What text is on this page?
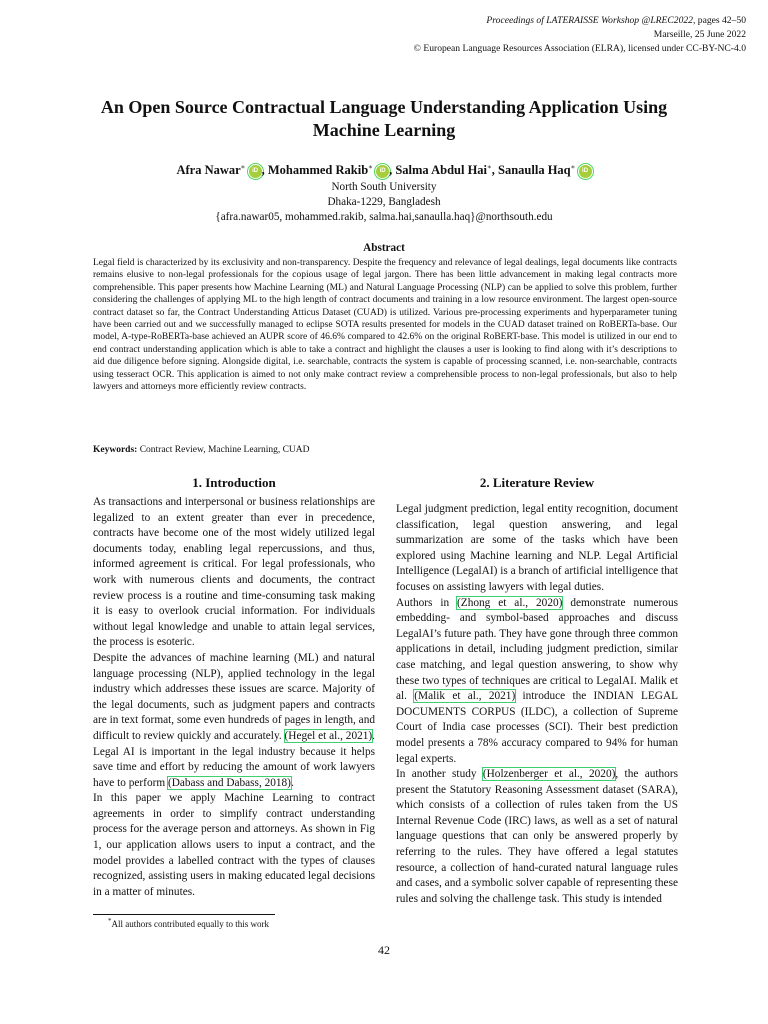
Proceedings of LATERAISSE Workshop @LREC2022, pages 42–50
Marseille, 25 June 2022
© European Language Resources Association (ELRA), licensed under CC-BY-NC-4.0
An Open Source Contractual Language Understanding Application Using
Machine Learning
Afra Nawar∗ iD , Mohammed Rakib∗ iD , Salma Abdul Hai∗, Sanaulla Haq∗ iD
North South University
Dhaka-1229, Bangladesh
{afra.nawar05, mohammed.rakib, salma.hai,sanaulla.haq}@northsouth.edu
Abstract
Legal field is characterized by its exclusivity and non-transparency. Despite the frequency and relevance of legal dealings, legal documents like contracts remains elusive to non-legal professionals for the copious usage of legal jargon. There has been little advancement in making legal contracts more comprehensible. This paper presents how Machine Learning (ML) and Natural Language Processing (NLP) can be applied to solve this problem, further considering the challenges of applying ML to the high length of contract documents and training in a low resource environment. The largest open-source contract dataset so far, the Contract Understanding Atticus Dataset (CUAD) is utilized. Various pre-processing experiments and hyperparameter tuning have been carried out and we successfully managed to eclipse SOTA results presented for models in the CUAD dataset trained on RoBERTa-base. Our model, A-type-RoBERTa-base achieved an AUPR score of 46.6% compared to 42.6% on the original RoBERT-base. This model is utilized in our end to end contract understanding application which is able to take a contract and highlight the clauses a user is looking to find along with it’s descriptions to aid due diligence before signing. Alongside digital, i.e. searchable, contracts the system is capable of processing scanned, i.e. non-searchable, contracts using tesseract OCR. This application is aimed to not only make contract review a comprehensible process to non-legal professionals, but also to help lawyers and attorneys more efficiently review contracts.
Keywords: Contract Review, Machine Learning, CUAD
1. Introduction

As transactions and interpersonal or business relationships are legalized to an extent greater than ever in precedence, contracts have become one of the most widely utilized legal documents today, enabling legal repercussions, and thus, informed agreement is critical. For legal professionals, who work with numerous clients and documents, the contract review process is a routine and time-consuming task making it is easy to overlook crucial information. For individuals without legal knowledge and unable to attain legal services, the process is esoteric.

Despite the advances of machine learning (ML) and natural language processing (NLP), applied technology in the legal industry which addresses these issues are scarce. Majority of the legal documents, such as judgment papers and contracts are in text format, some even hundreds of pages in length, and difficult to review quickly and accurately. (Hegel et al., 2021). Legal AI is important in the legal industry because it helps save time and effort by reducing the amount of work lawyers have to perform (Dabass and Dabass, 2018).

In this paper we apply Machine Learning to contract agreements in order to simplify contract understanding process for the average person and attorneys. As shown in Fig 1, our application allows users to input a contract, and the model provides a labelled contract with the types of clauses recognized, assisting users in making educated legal decisions in a matter of minutes.

2. Literature Review

Legal judgment prediction, legal entity recognition, document classification, legal question answering, and legal summarization are some of the tasks which have been explored using Machine learning and NLP. Legal Artificial Intelligence (LegalAI) is a branch of artificial intelligence that focuses on assisting lawyers with legal duties.

Authors in (Zhong et al., 2020) demonstrate numerous embedding- and symbol-based approaches and discuss LegalAI’s future path. They have gone through three common applications in detail, including judgment prediction, similar case matching, and legal question answering, to show why these two types of techniques are critical to LegalAI. Malik et al. (Malik et al., 2021) introduce the INDIAN LEGAL DOCUMENTS CORPUS (ILDC), a collection of Supreme Court of India case processes (SCI). Their best prediction model presents a 78% accuracy compared to 94% for human legal experts.

In another study (Holzenberger et al., 2020), the authors present the Statutory Reasoning Assessment dataset (SARA), which consists of a collection of rules taken from the US Internal Revenue Code (IRC) laws, as well as a set of natural language questions that can only be answered properly by referring to the rules. They have offered a legal statutes resource, a collection of hand-curated natural language rules and cases, and a symbolic solver capable of representing these rules and solving the challenge task. This study is intended

*All authors contributed equally to this work
42
